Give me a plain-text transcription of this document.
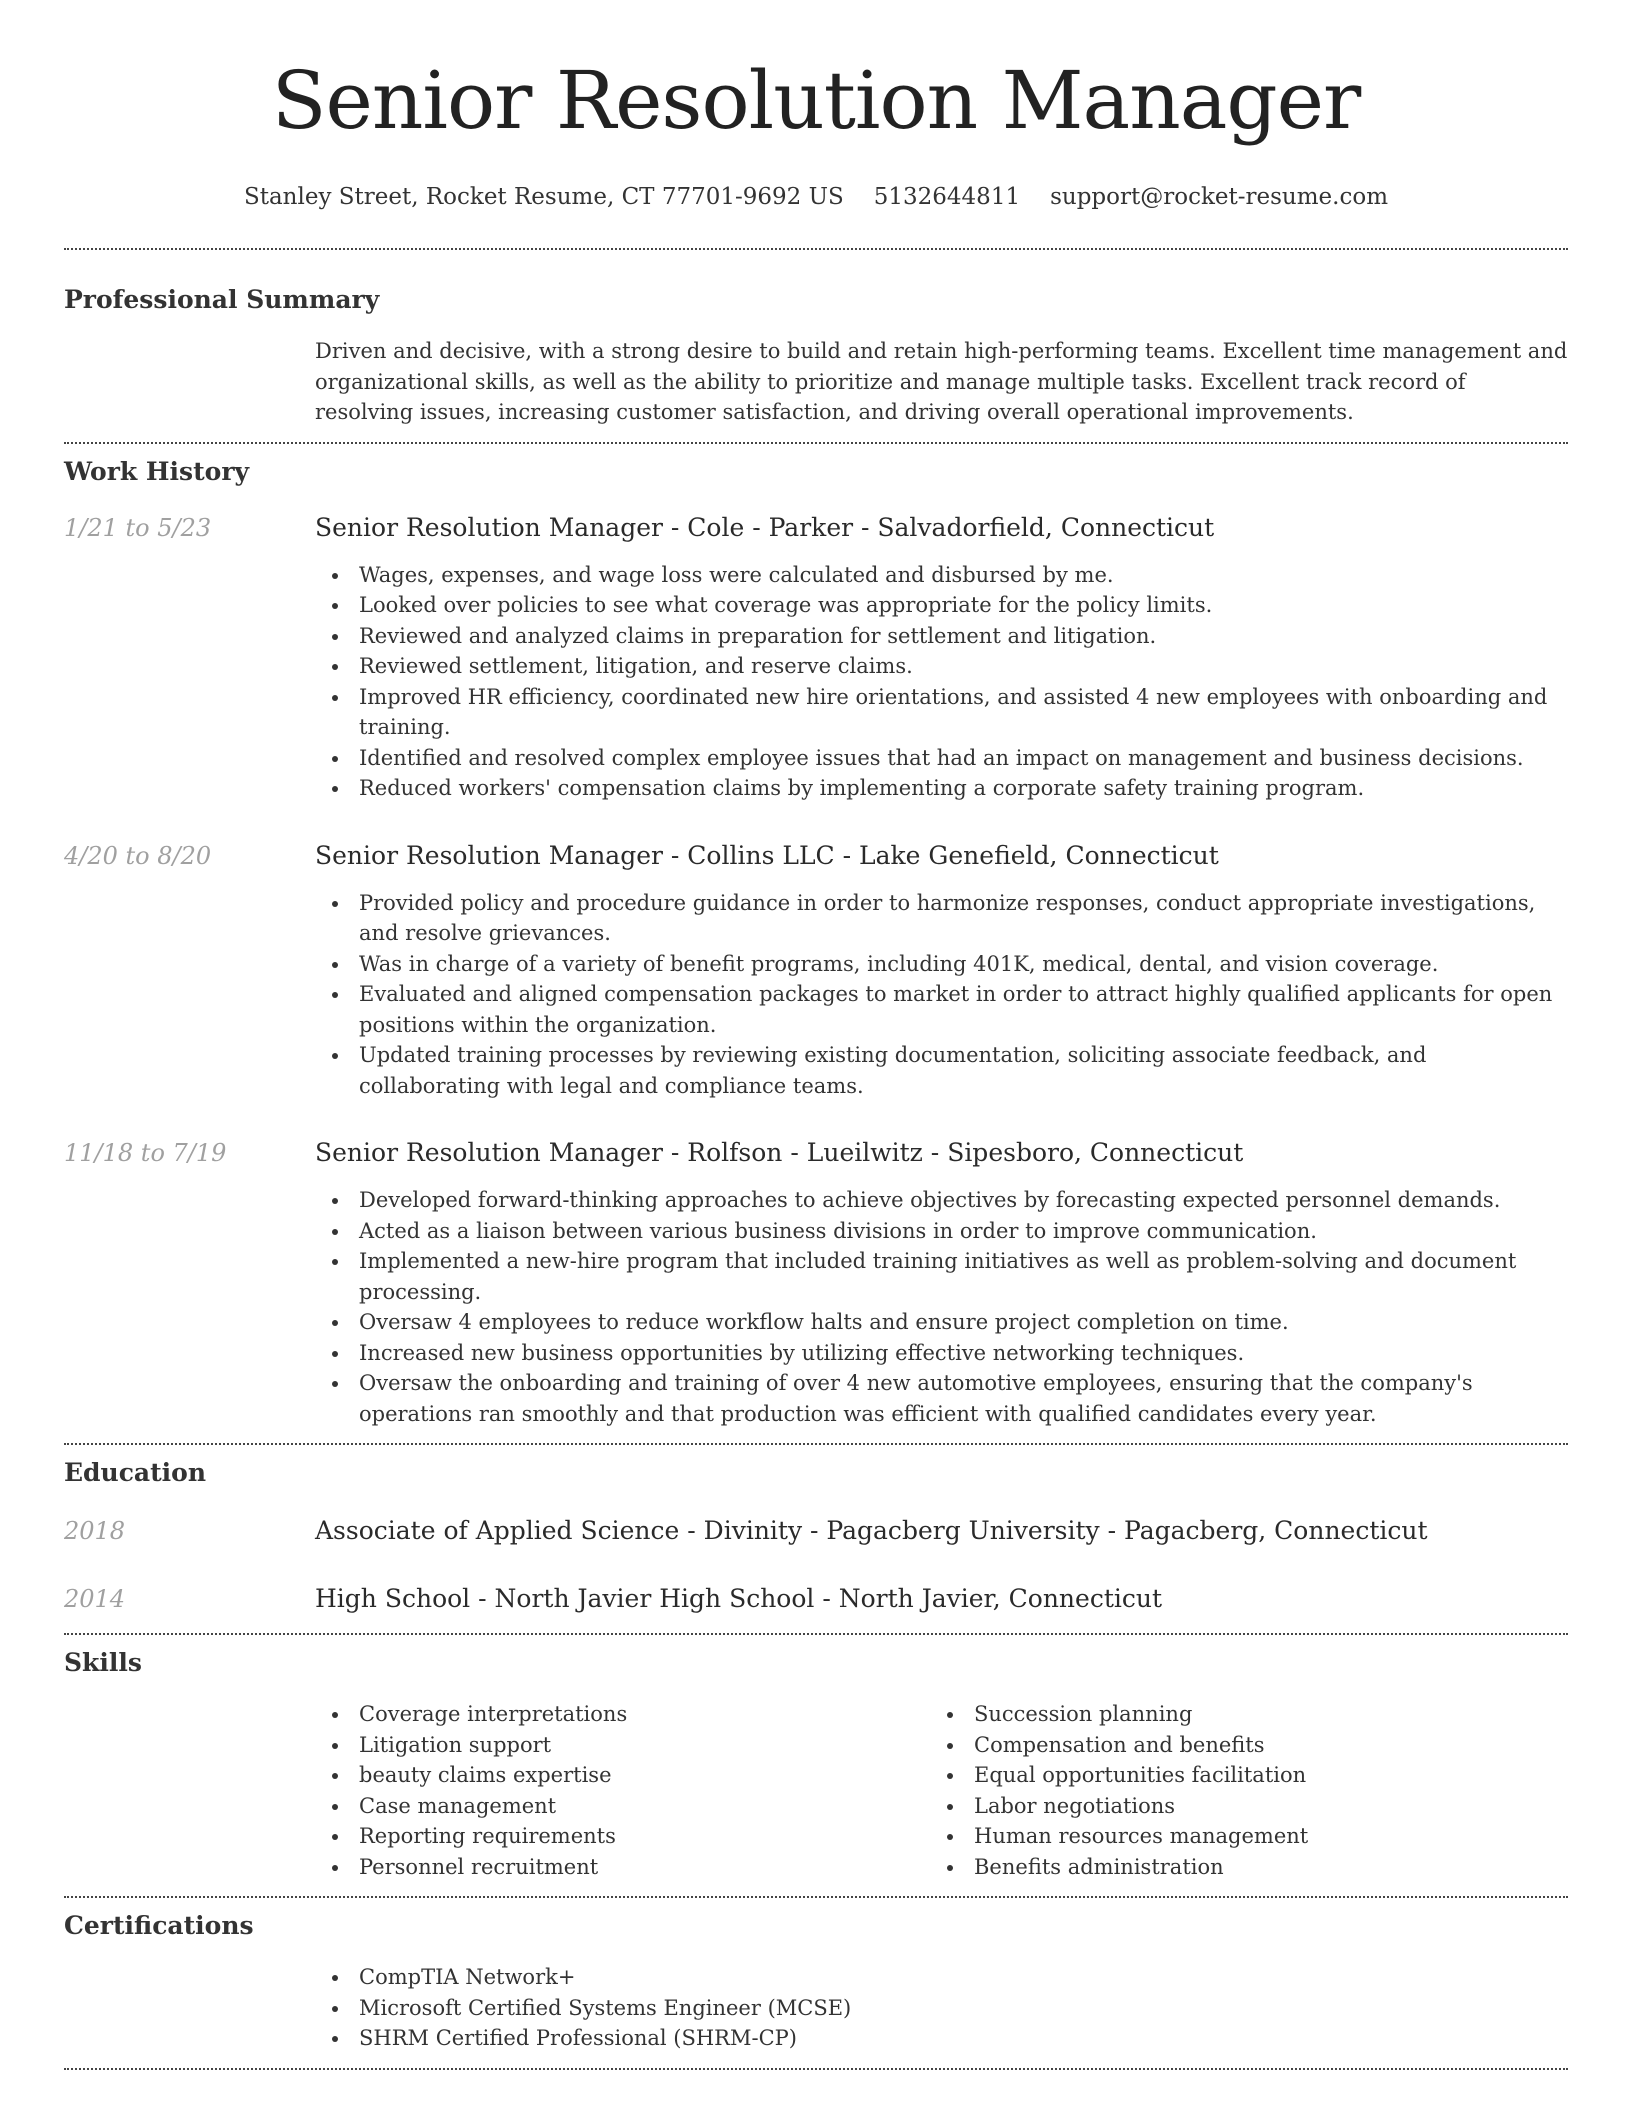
Senior Resolution Manager
Stanley Street, Rocket Resume, CT 77701-9692 US 5132644811 support@rocket-resume.com
Professional Summary

Driven and decisive, with a strong desire to build and retain high-performing teams. Excellent time management and organizational skills, as well as the ability to prioritize and manage multiple tasks. Excellent track record of resolving issues, increasing customer satisfaction, and driving overall operational improvements.

Work History
1/21 to 5/23	Senior Resolution Manager - Cole - Parker - Salvadorfield, Connecticut
Wages, expenses, and wage loss were calculated and disbursed by me.
Looked over policies to see what coverage was appropriate for the policy limits.
Reviewed and analyzed claims in preparation for settlement and litigation.
Reviewed settlement, litigation, and reserve claims.
Improved HR efficiency, coordinated new hire orientations, and assisted 4 new employees with onboarding and training.
Identified and resolved complex employee issues that had an impact on management and business decisions.
Reduced workers' compensation claims by implementing a corporate safety training program.
4/20 to 8/20	Senior Resolution Manager - Collins LLC - Lake Genefield, Connecticut
Provided policy and procedure guidance in order to harmonize responses, conduct appropriate investigations, and resolve grievances.
Was in charge of a variety of benefit programs, including 401K, medical, dental, and vision coverage.
Evaluated and aligned compensation packages to market in order to attract highly qualified applicants for open positions within the organization.
Updated training processes by reviewing existing documentation, soliciting associate feedback, and collaborating with legal and compliance teams.
11/18 to 7/19	Senior Resolution Manager - Rolfson - Lueilwitz - Sipesboro, Connecticut
Developed forward-thinking approaches to achieve objectives by forecasting expected personnel demands.
Acted as a liaison between various business divisions in order to improve communication.
Implemented a new-hire program that included training initiatives as well as problem-solving and document processing.
Oversaw 4 employees to reduce workflow halts and ensure project completion on time.
Increased new business opportunities by utilizing effective networking techniques.
Oversaw the onboarding and training of over 4 new automotive employees, ensuring that the company's operations ran smoothly and that production was efficient with qualified candidates every year.
Education
2018	Associate of Applied Science - Divinity - Pagacberg University - Pagacberg, Connecticut
2014	High School - North Javier High School - North Javier, Connecticut
Skills
Coverage interpretations
Litigation support
beauty claims expertise
Case management
Reporting requirements
Personnel recruitment
Succession planning
Compensation and benefits
Equal opportunities facilitation
Labor negotiations
Human resources management
Benefits administration
Certifications
CompTIA Network+
Microsoft Certified Systems Engineer (MCSE)
SHRM Certified Professional (SHRM-CP)
